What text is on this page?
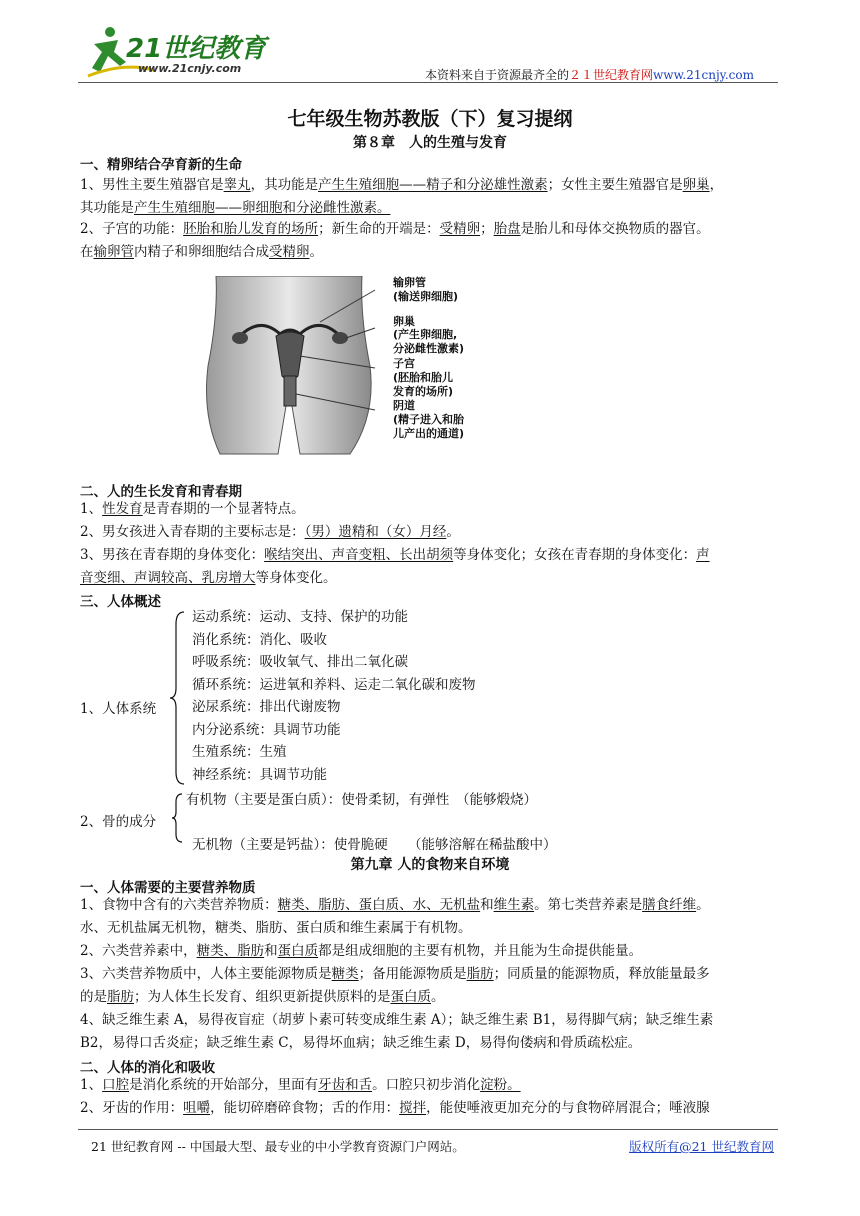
21世纪教育
www.21cnjy.com	本资料来自于资源最齐全的２１世纪教育网www.21cnjy.com
七年级生物苏教版（下）复习提纲
第８章　人的生殖与发育
一、精卵结合孕育新的生命
1、男性主要生殖器官是睾丸，其功能是产生生殖细胞——精子和分泌雄性激素；女性主要生殖器官是卵巢，
其功能是产生生殖细胞——卵细胞和分泌雌性激素。
2、子宫的功能：胚胎和胎儿发育的场所；新生命的开端是：受精卵；胎盘是胎儿和母体交换物质的器官。
在输卵管内精子和卵细胞结合成受精卵。
输卵管
(输送卵细胞)
卵巢
(产生卵细胞,
分泌雌性激素)
子宫
(胚胎和胎儿
发育的场所)
阴道
(精子进入和胎
儿产出的通道)
二、人的生长发育和青春期
1、性发育是青春期的一个显著特点。
2、男女孩进入青春期的主要标志是：（男）遗精和（女）月经。
3、男孩在青春期的身体变化：喉结突出、声音变粗、长出胡须等身体变化；女孩在青春期的身体变化：声
音变细、声调较高、乳房增大等身体变化。
三、人体概述
1、人体系统
运动系统：运动、支持、保护的功能
消化系统：消化、吸收
呼吸系统：吸收氧气、排出二氧化碳
循环系统：运进氧和养料、运走二氧化碳和废物
泌尿系统：排出代谢废物
内分泌系统：具调节功能
生殖系统：生殖
神经系统：具调节功能
2、骨的成分
有机物（主要是蛋白质）：使骨柔韧，有弹性　（能够煅烧）
无机物（主要是钙盐）：使骨脆硬　　（能够溶解在稀盐酸中）
第九章 人的食物来自环境
一、人体需要的主要营养物质
1、食物中含有的六类营养物质：糖类、脂肪、蛋白质、水、无机盐和维生素。第七类营养素是膳食纤维。
水、无机盐属无机物，糖类、脂肪、蛋白质和维生素属于有机物。
2、六类营养素中，糖类、脂肪和蛋白质都是组成细胞的主要有机物，并且能为生命提供能量。
3、六类营养物质中，人体主要能源物质是糖类；备用能源物质是脂肪；同质量的能源物质，释放能量最多
的是脂肪；为人体生长发育、组织更新提供原料的是蛋白质。
4、缺乏维生素 A，易得夜盲症（胡萝卜素可转变成维生素 A）；缺乏维生素 B1，易得脚气病；缺乏维生素
B2，易得口舌炎症；缺乏维生素 C，易得坏血病；缺乏维生素 D，易得佝偻病和骨质疏松症。
二、人体的消化和吸收
1、口腔是消化系统的开始部分，里面有牙齿和舌。口腔只初步消化淀粉。
2、牙齿的作用：咀嚼，能切碎磨碎食物；舌的作用：搅拌，能使唾液更加充分的与食物碎屑混合；唾液腺
21 世纪教育网 -- 中国最大型、最专业的中小学教育资源门户网站。	版权所有@21 世纪教育网
